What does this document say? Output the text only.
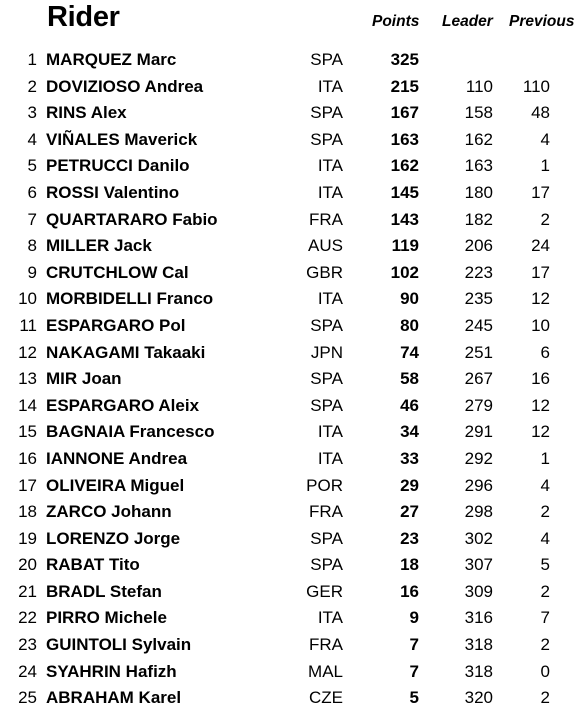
Rider	Points	Leader	Previous
1 MARQUEZ Marc	SPA	325
2 DOVIZIOSO Andrea	ITA	215	110	110
3 RINS Alex	SPA	167	158	48
4 VIÑALES Maverick	SPA	163	162	4
5 PETRUCCI Danilo	ITA	162	163	1
6 ROSSI Valentino	ITA	145	180	17
7 QUARTARARO Fabio	FRA	143	182	2
8 MILLER Jack	AUS	119	206	24
9 CRUTCHLOW Cal	GBR	102	223	17
10 MORBIDELLI Franco	ITA	90	235	12
11 ESPARGARO Pol	SPA	80	245	10
12 NAKAGAMI Takaaki	JPN	74	251	6
13 MIR Joan	SPA	58	267	16
14 ESPARGARO Aleix	SPA	46	279	12
15 BAGNAIA Francesco	ITA	34	291	12
16 IANNONE Andrea	ITA	33	292	1
17 OLIVEIRA Miguel	POR	29	296	4
18 ZARCO Johann	FRA	27	298	2
19 LORENZO Jorge	SPA	23	302	4
20 RABAT Tito	SPA	18	307	5
21 BRADL Stefan	GER	16	309	2
22 PIRRO Michele	ITA	9	316	7
23 GUINTOLI Sylvain	FRA	7	318	2
24 SYAHRIN Hafizh	MAL	7	318	0
25 ABRAHAM Karel	CZE	5	320	2
